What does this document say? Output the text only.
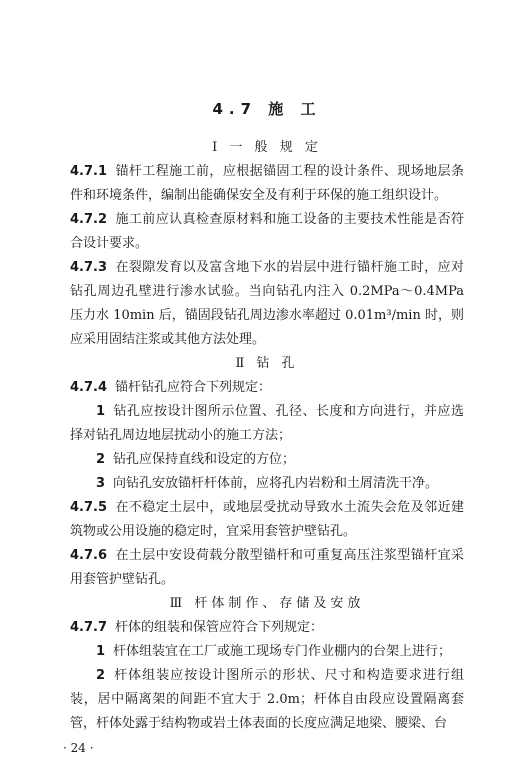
4.7 施 工
Ⅰ 一 般 规 定

4.7.1 锚杆工程施工前，应根据锚固工程的设计条件、现场地层条件和环境条件，编制出能确保安全及有利于环保的施工组织设计。

4.7.2 施工前应认真检查原材料和施工设备的主要技术性能是否符合设计要求。

4.7.3 在裂隙发育以及富含地下水的岩层中进行锚杆施工时，应对钻孔周边孔壁进行渗水试验。当向钻孔内注入 0.2MPa～0.4MPa 压力水 10min 后，锚固段钻孔周边渗水率超过 0.01m³/min 时，则应采用固结注浆或其他方法处理。

Ⅱ 钻 孔

4.7.4 锚杆钻孔应符合下列规定：

1 钻孔应按设计图所示位置、孔径、长度和方向进行，并应选择对钻孔周边地层扰动小的施工方法；

2 钻孔应保持直线和设定的方位；

3 向钻孔安放锚杆杆体前，应将孔内岩粉和土屑清洗干净。

4.7.5 在不稳定土层中，或地层受扰动导致水土流失会危及邻近建筑物或公用设施的稳定时，宜采用套管护壁钻孔。

4.7.6 在土层中安设荷载分散型锚杆和可重复高压注浆型锚杆宜采用套管护壁钻孔。

Ⅲ 杆体制作、存储及安放

4.7.7 杆体的组装和保管应符合下列规定：

1 杆体组装宜在工厂或施工现场专门作业棚内的台架上进行；

2 杆体组装应按设计图所示的形状、尺寸和构造要求进行组装，居中隔离架的间距不宜大于 2.0m；杆体自由段应设置隔离套管，杆体处露于结构物或岩土体表面的长度应满足地梁、腰梁、台

· 24 ·
